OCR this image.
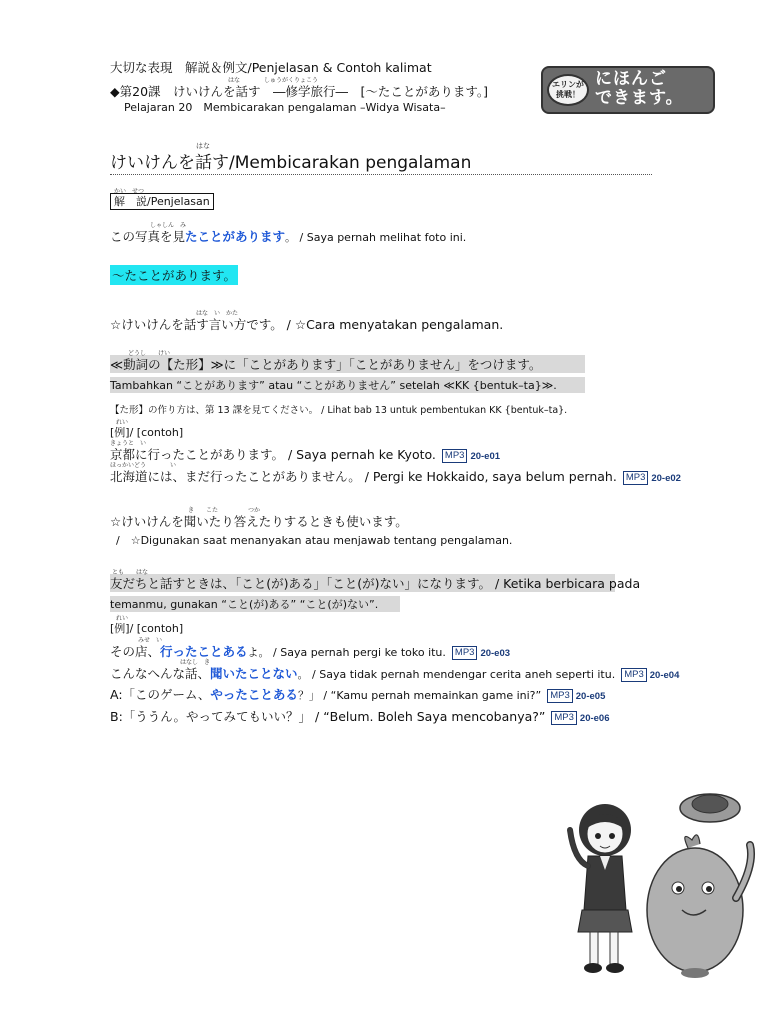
大切な表現　解説＆例文/Penjelasan & Contoh kalimat
はな　　　　しゅうがくりょこう
◆第20課　けいけんを話す　―修学旅行―　[～たことがあります。]
Pelajaran 20　Membicarakan pengalaman –Widya Wisata–
エリンが挑戦！
にほんご
できます。
はな
けいけんを話す/Membicarakan pengalaman
かい　せつ
解　説/Penjelasan
しゃしん　み
この写真を見たことがあります。 / Saya pernah melihat foto ini.
～たことがあります。
はな　い　かた
☆けいけんを話す言い方です。 / ☆Cara menyatakan pengalaman.
どうし　　けい
≪動詞の【た形】≫に「ことがあります」「ことがありません」をつけます。
Tambahkan “ことがあります” atau “ことがありません” setelah ≪KK {bentuk–ta}≫.
【た形】の作り方は、第 13 課を見てください。 / Lihat bab 13 untuk pembentukan KK {bentuk–ta}.
れい
[例]/ [contoh]
きょうと　い
京都に行ったことがあります。 / Saya pernah ke Kyoto. MP3 20-e01
ほっかいどう　　　　い
北海道には、まだ行ったことがありません。 / Pergi ke Hokkaido, saya belum pernah. MP3 20-e02
き　　こた　　　　　つか
☆けいけんを聞いたり答えたりするときも使います。
/　☆Digunakan saat menanyakan atau menjawab tentang pengalaman.
とも　　はな
友だちと話すときは、「こと(が)ある」「こと(が)ない」になります。 / Ketika berbicara pada
temanmu, gunakan “こと(が)ある” “こと(が)ない”.
れい
[例]/ [contoh]
みせ　い
その店、行ったことあるよ。 / Saya pernah pergi ke toko itu. MP3 20-e03
はなし　き
こんなへんな話、聞いたことない。 / Saya tidak pernah mendengar cerita aneh seperti itu. MP3 20-e04
A:「このゲーム、やったことある？」 / “Kamu pernah memainkan game ini?” MP3 20-e05
B:「ううん。やってみてもいい？」 / “Belum. Boleh Saya mencobanya?” MP3 20-e06
